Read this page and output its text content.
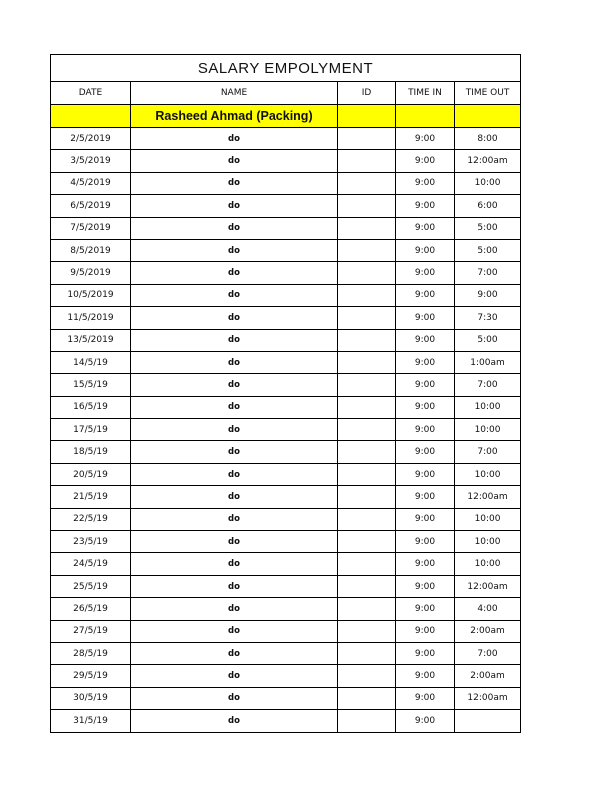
SALARY EMPOLYMENT				
DATE	NAME	ID	TIME IN	TIME OUT
	Rasheed Ahmad (Packing)			
2/5/2019	do		9:00	8:00
3/5/2019	do		9:00	12:00am
4/5/2019	do		9:00	10:00
6/5/2019	do		9:00	6:00
7/5/2019	do		9:00	5:00
8/5/2019	do		9:00	5:00
9/5/2019	do		9:00	7:00
10/5/2019	do		9:00	9:00
11/5/2019	do		9:00	7:30
13/5/2019	do		9:00	5:00
14/5/19	do		9:00	1:00am
15/5/19	do		9:00	7:00
16/5/19	do		9:00	10:00
17/5/19	do		9:00	10:00
18/5/19	do		9:00	7:00
20/5/19	do		9:00	10:00
21/5/19	do		9:00	12:00am
22/5/19	do		9:00	10:00
23/5/19	do		9:00	10:00
24/5/19	do		9:00	10:00
25/5/19	do		9:00	12:00am
26/5/19	do		9:00	4:00
27/5/19	do		9:00	2:00am
28/5/19	do		9:00	7:00
29/5/19	do		9:00	2:00am
30/5/19	do		9:00	12:00am
31/5/19	do		9:00	
